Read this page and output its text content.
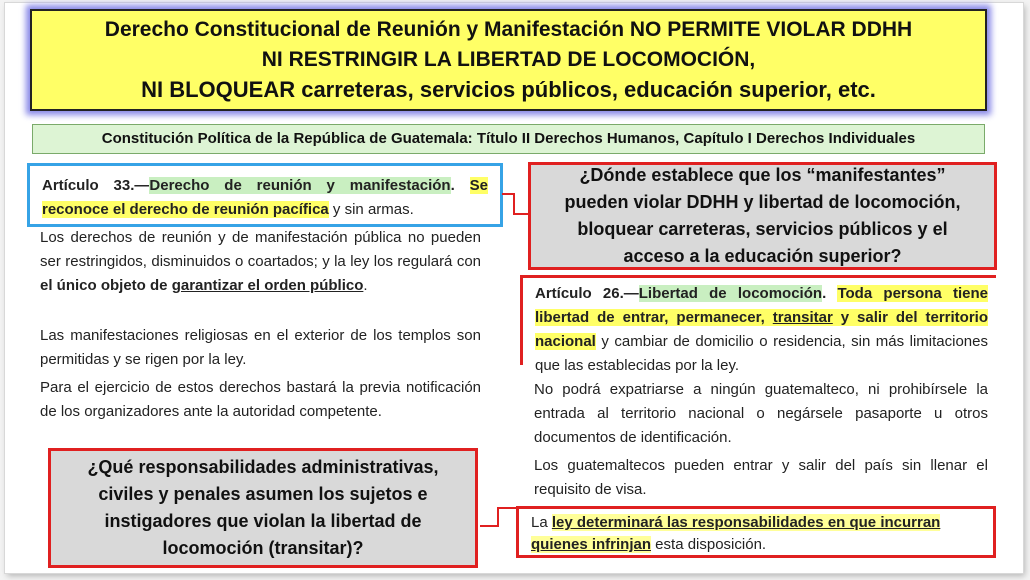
Derecho Constitucional de Reunión y Manifestación NO PERMITE VIOLAR DDHH
NI RESTRINGIR LA LIBERTAD DE LOCOMOCIÓN,
NI BLOQUEAR carreteras, servicios públicos, educación superior, etc.
Constitución Política de la República de Guatemala: Título II Derechos Humanos, Capítulo I Derechos Individuales
Artículo 33.—Derecho de reunión y manifestación. Se reconoce el derecho de reunión pacífica y sin armas.

Los derechos de reunión y de manifestación pública no pueden ser restringidos, disminuidos o coartados; y la ley los regulará con el único objeto de garantizar el orden público.

Las manifestaciones religiosas en el exterior de los templos son permitidas y se rigen por la ley.

Para el ejercicio de estos derechos bastará la previa notificación de los organizadores ante la autoridad competente.

¿Dónde establece que los “manifestantes” pueden violar DDHH y libertad de locomoción, bloquear carreteras, servicios públicos y el acceso a la educación superior?
Artículo 26.—Libertad de locomoción. Toda persona tiene libertad de entrar, permanecer, transitar y salir del territorio nacional y cambiar de domicilio o residencia, sin más limitaciones que las establecidas por la ley.

No podrá expatriarse a ningún guatemalteco, ni prohibírsele la entrada al territorio nacional o negársele pasaporte u otros documentos de identificación.

Los guatemaltecos pueden entrar y salir del país sin llenar el requisito de visa.

¿Qué responsabilidades administrativas, civiles y penales asumen los sujetos e instigadores que violan la libertad de locomoción (transitar)?
La ley determinará las responsabilidades en que incurran quienes infrinjan esta disposición.
